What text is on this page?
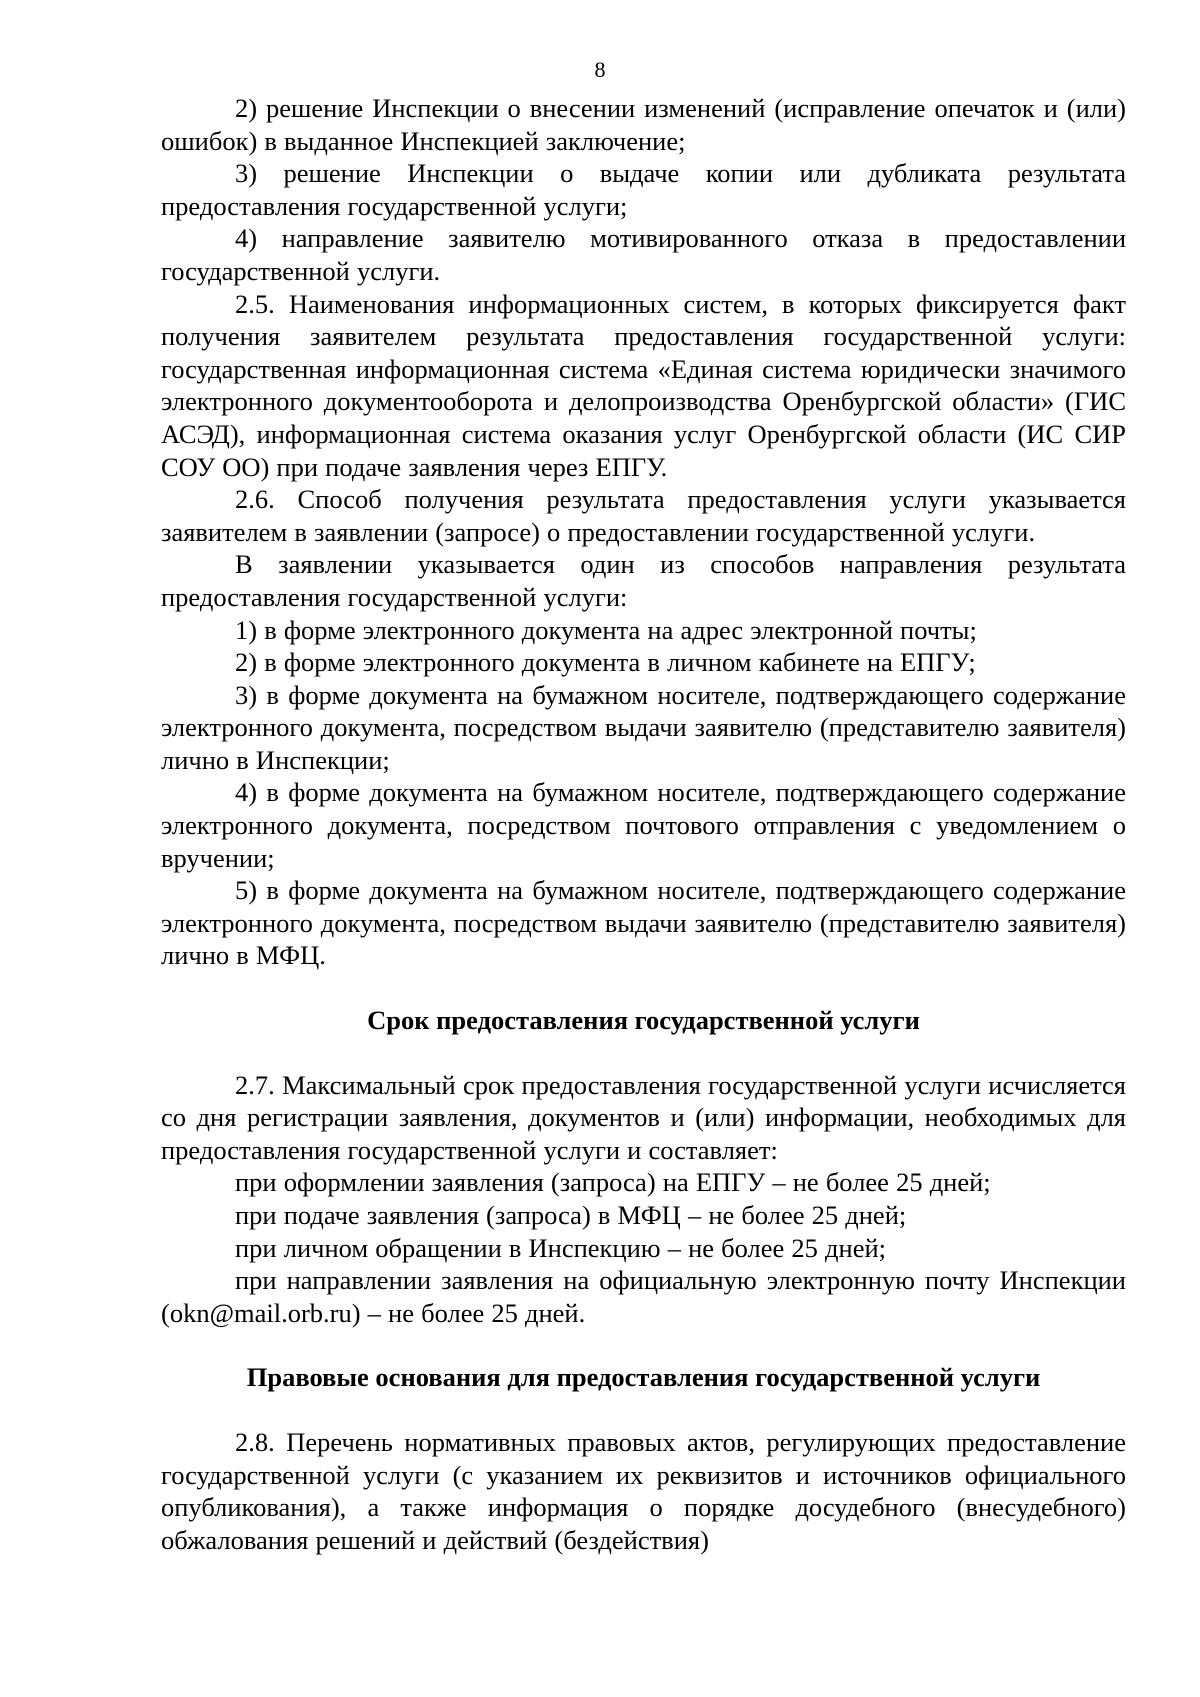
8

2) решение Инспекции о внесении изменений (исправление опечаток и (или) ошибок) в выданное Инспекцией заключение;

3) решение Инспекции о выдаче копии или дубликата результата предоставления государственной услуги;

4) направление заявителю мотивированного отказа в предоставлении государственной услуги.

2.5. Наименования информационных систем, в которых фиксируется факт получения заявителем результата предоставления государственной услуги: государственная информационная система «Единая система юридически значимого электронного документооборота и делопроизводства Оренбургской области» (ГИС АСЭД), информационная система оказания услуг Оренбургской области (ИС СИР СОУ ОО) при подаче заявления через ЕПГУ.

2.6. Способ получения результата предоставления услуги указывается заявителем в заявлении (запросе) о предоставлении государственной услуги.

В заявлении указывается один из способов направления результата предоставления государственной услуги:

1) в форме электронного документа на адрес электронной почты;

2) в форме электронного документа в личном кабинете на ЕПГУ;

3) в форме документа на бумажном носителе, подтверждающего содержание электронного документа, посредством выдачи заявителю (представителю заявителя) лично в Инспекции;

4) в форме документа на бумажном носителе, подтверждающего содержание электронного документа, посредством почтового отправления с уведомлением о вручении;

5) в форме документа на бумажном носителе, подтверждающего содержание электронного документа, посредством выдачи заявителю (представителю заявителя) лично в МФЦ.

Срок предоставления государственной услуги

2.7. Максимальный срок предоставления государственной услуги исчисляется со дня регистрации заявления, документов и (или) информации, необходимых для предоставления государственной услуги и составляет:

при оформлении заявления (запроса) на ЕПГУ – не более 25 дней;

при подаче заявления (запроса) в МФЦ – не более 25 дней;

при личном обращении в Инспекцию – не более 25 дней;

при направлении заявления на официальную электронную почту Инспекции (okn@mail.orb.ru) – не более 25 дней.

Правовые основания для предоставления государственной услуги

2.8. Перечень нормативных правовых актов, регулирующих предоставление государственной услуги (с указанием их реквизитов и источников официального опубликования), а также информация о порядке досудебного (внесудебного) обжалования решений и действий (бездействия)
